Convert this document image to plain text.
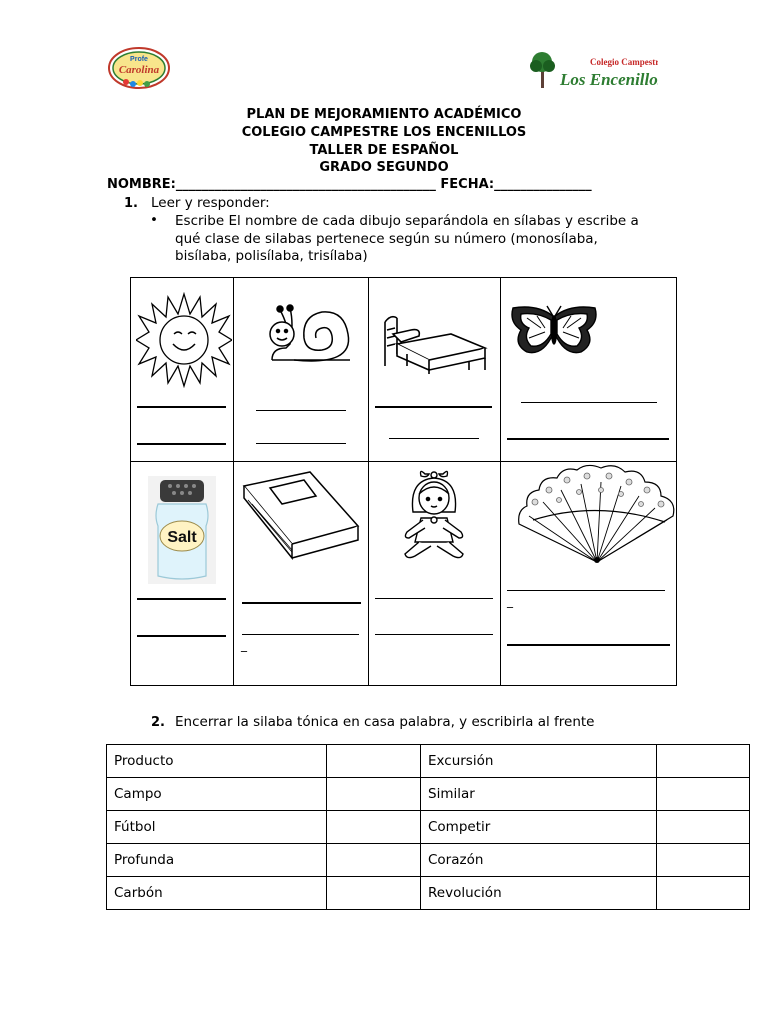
Profe
Carolina
Colegio Campestre
Los Encenillos
PLAN DE MEJORAMIENTO ACADÉMICO
COLEGIO CAMPESTRE LOS ENCENILLOS
TALLER DE ESPAÑOL
GRADO SEGUNDO
NOMBRE:________________________________________ FECHA:_______________
1. Leer y responder:
• Escribe El nombre de cada dibujo separándola en sílabas y escribe a
qué clase de silabas pertenece según su número (monosílaba,
bisílaba, polisílaba, trisílaba)

Salt	_		_
2. Encerrar la silaba tónica en casa palabra, y escribirla al frente
Producto		Excursión	
Campo		Similar	
Fútbol		Competir	
Profunda		Corazón	
Carbón		Revolución	
